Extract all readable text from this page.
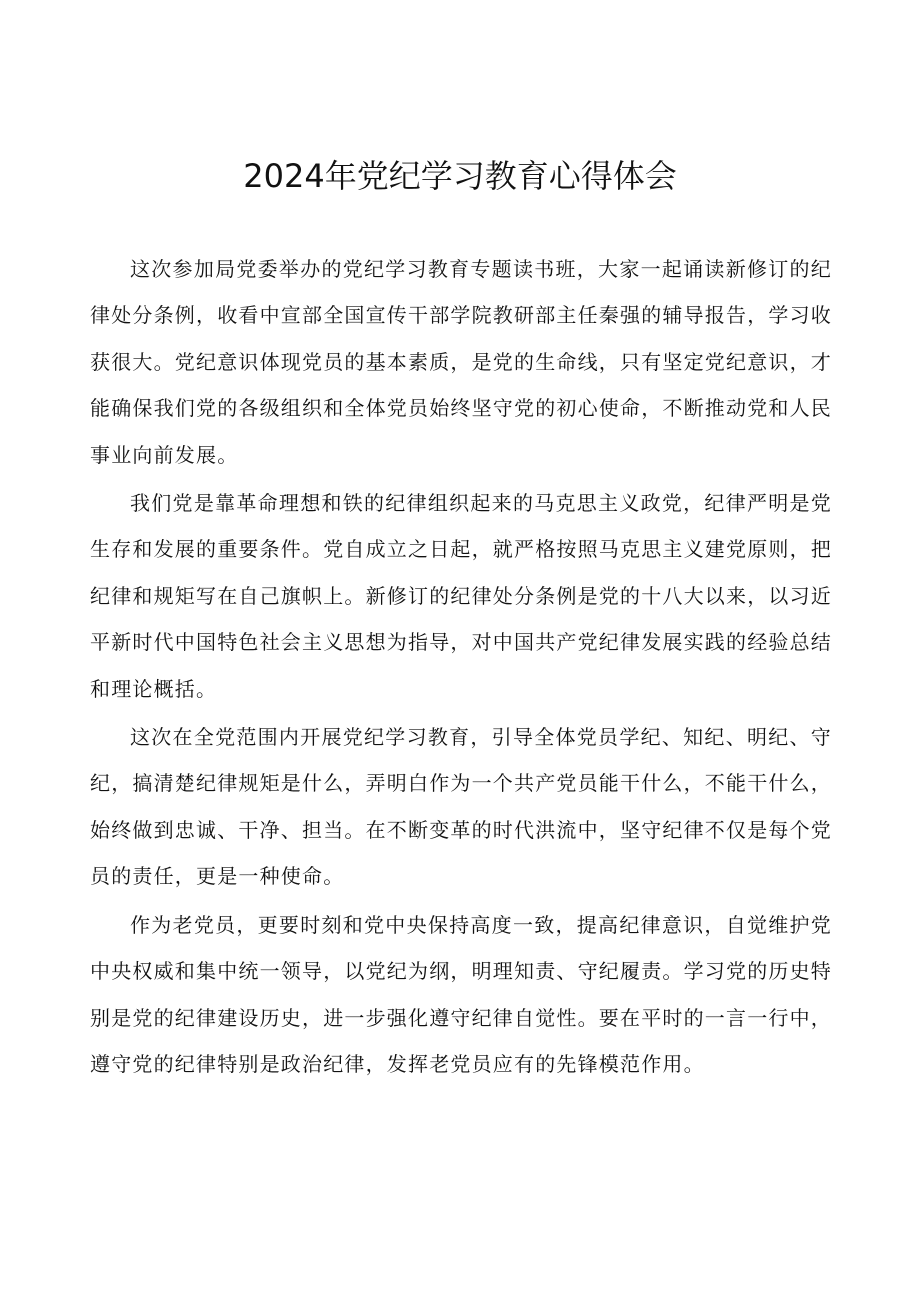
2024年党纪学习教育心得体会

这次参加局党委举办的党纪学习教育专题读书班，大家一起诵读新修订的纪律处分条例，收看中宣部全国宣传干部学院教研部主任秦强的辅导报告，学习收获很大。党纪意识体现党员的基本素质，是党的生命线，只有坚定党纪意识，才能确保我们党的各级组织和全体党员始终坚守党的初心使命，不断推动党和人民事业向前发展。

我们党是靠革命理想和铁的纪律组织起来的马克思主义政党，纪律严明是党生存和发展的重要条件。党自成立之日起，就严格按照马克思主义建党原则，把纪律和规矩写在自己旗帜上。新修订的纪律处分条例是党的十八大以来，以习近平新时代中国特色社会主义思想为指导，对中国共产党纪律发展实践的经验总结和理论概括。

这次在全党范围内开展党纪学习教育，引导全体党员学纪、知纪、明纪、守纪，搞清楚纪律规矩是什么，弄明白作为一个共产党员能干什么，不能干什么，始终做到忠诚、干净、担当。在不断变革的时代洪流中，坚守纪律不仅是每个党员的责任，更是一种使命。

作为老党员，更要时刻和党中央保持高度一致，提高纪律意识，自觉维护党中央权威和集中统一领导，以党纪为纲，明理知责、守纪履责。学习党的历史特别是党的纪律建设历史，进一步强化遵守纪律自觉性。要在平时的一言一行中，遵守党的纪律特别是政治纪律，发挥老党员应有的先锋模范作用。
